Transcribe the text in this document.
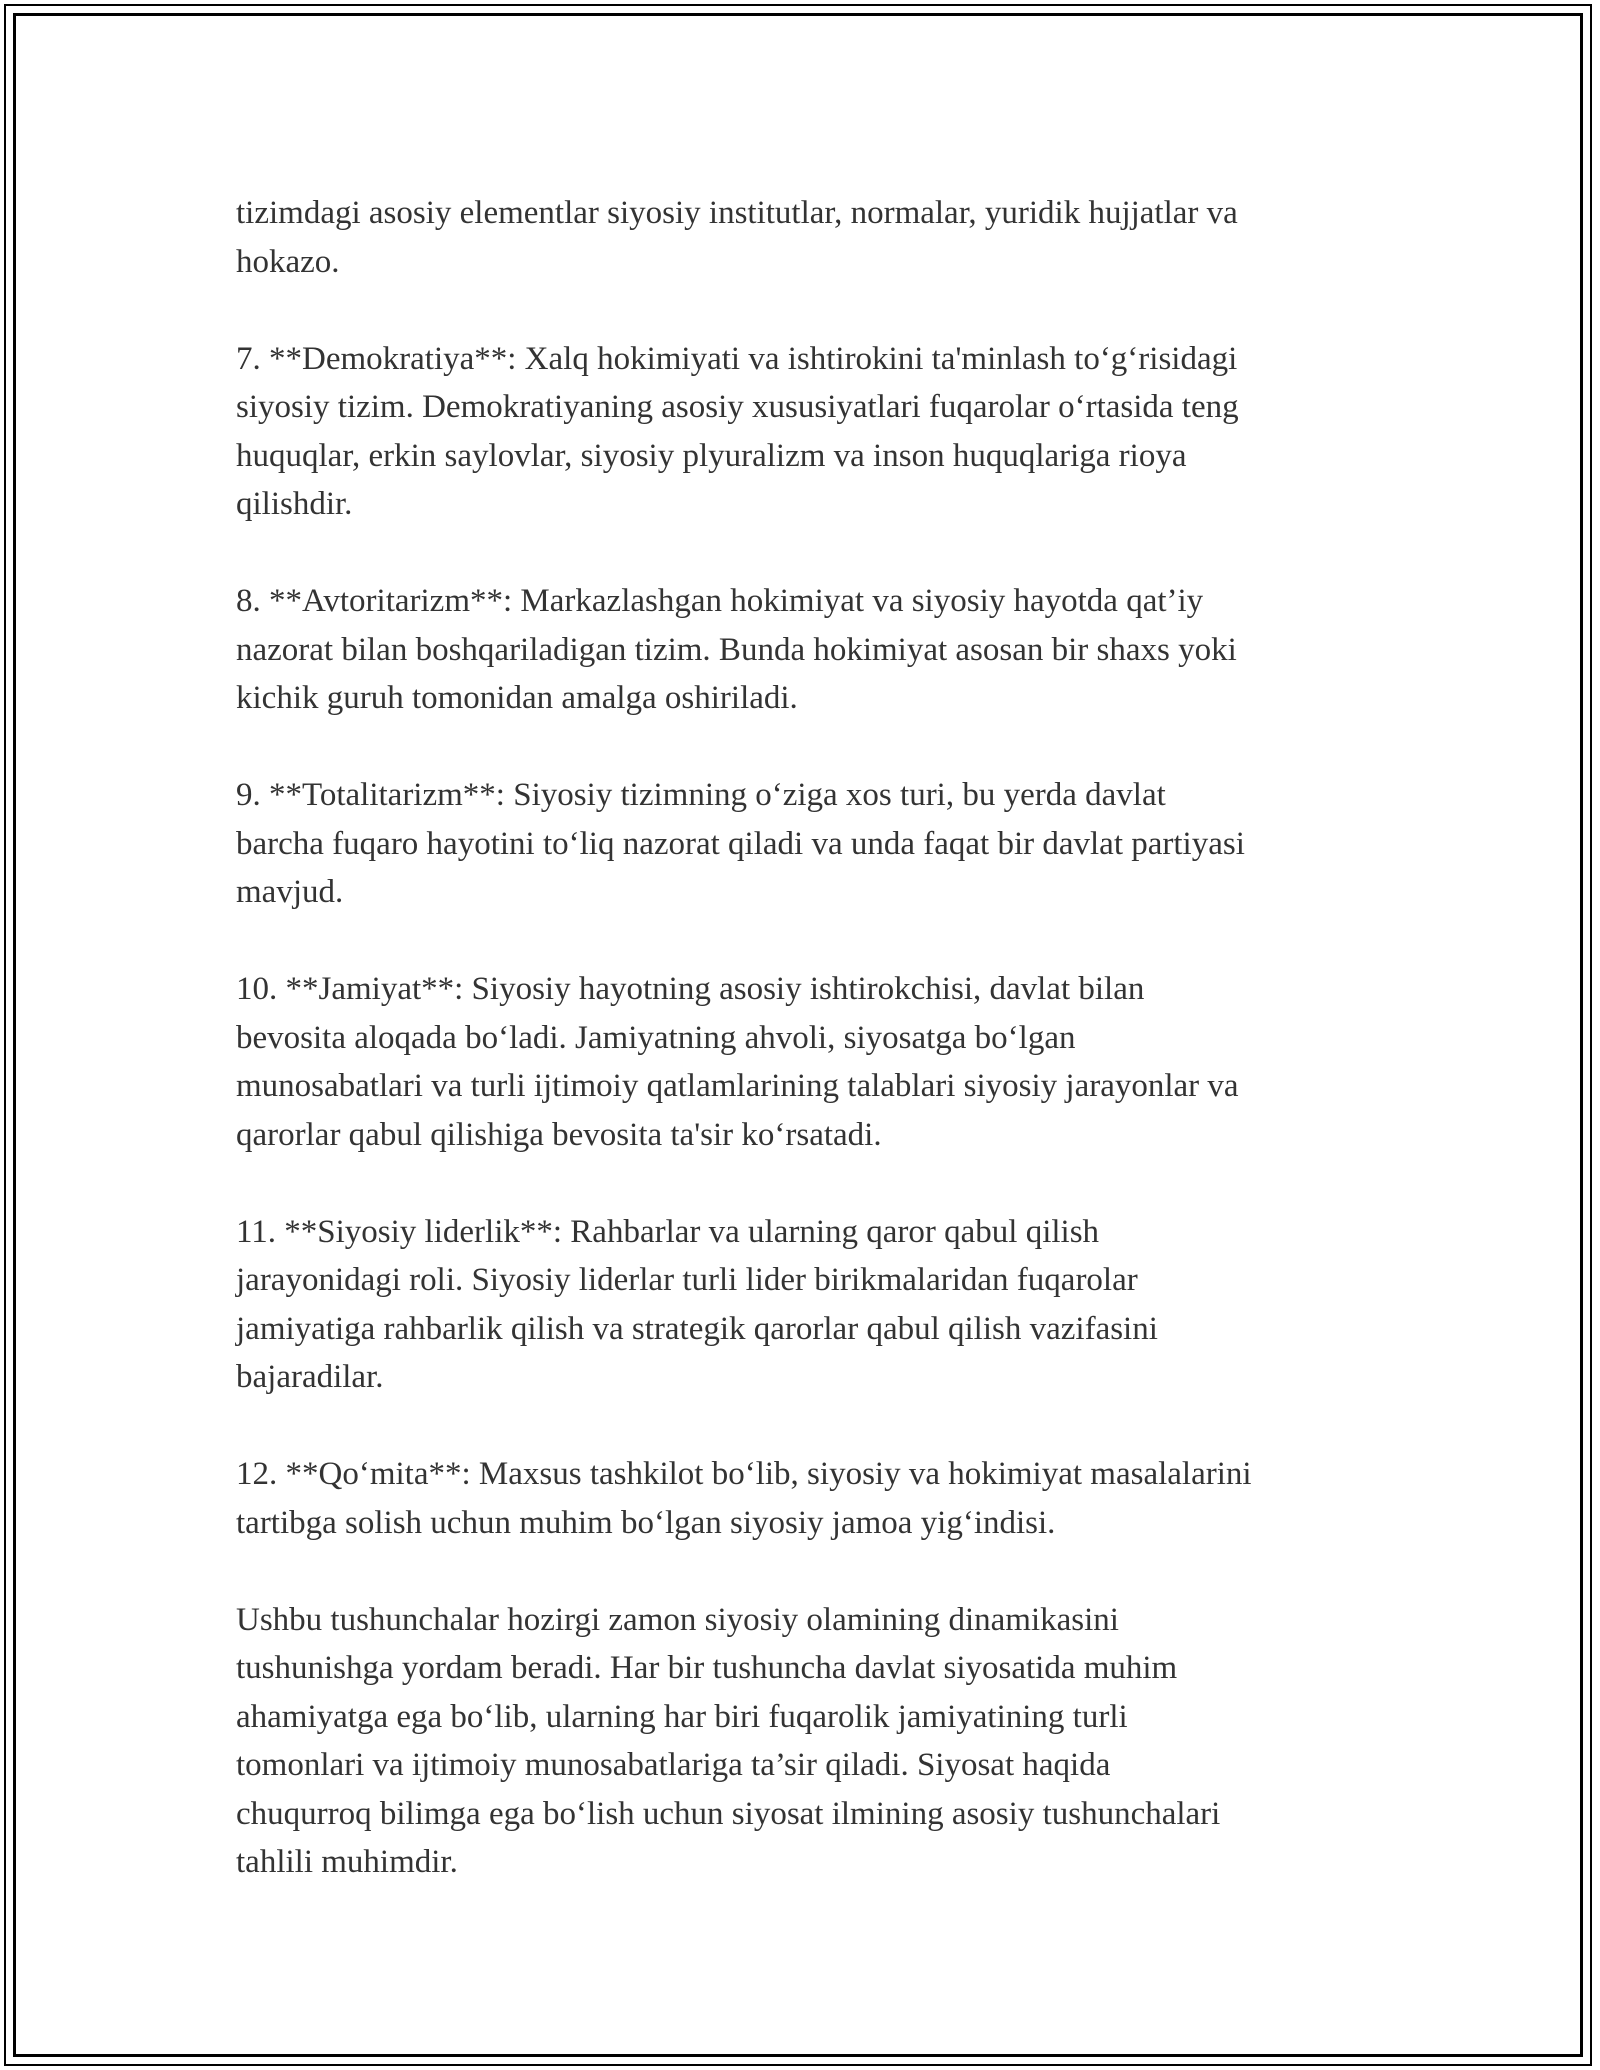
tizimdagi asosiy elementlar siyosiy institutlar, normalar, yuridik hujjatlar va
hokazo.

7. **Demokratiya**: Xalq hokimiyati va ishtirokini ta'minlash to‘g‘risidagi
siyosiy tizim. Demokratiyaning asosiy xususiyatlari fuqarolar o‘rtasida teng
huquqlar, erkin saylovlar, siyosiy plyuralizm va inson huquqlariga rioya
qilishdir.

8. **Avtoritarizm**: Markazlashgan hokimiyat va siyosiy hayotda qat’iy
nazorat bilan boshqariladigan tizim. Bunda hokimiyat asosan bir shaxs yoki
kichik guruh tomonidan amalga oshiriladi.

9. **Totalitarizm**: Siyosiy tizimning o‘ziga xos turi, bu yerda davlat
barcha fuqaro hayotini to‘liq nazorat qiladi va unda faqat bir davlat partiyasi
mavjud.

10. **Jamiyat**: Siyosiy hayotning asosiy ishtirokchisi, davlat bilan
bevosita aloqada bo‘ladi. Jamiyatning ahvoli, siyosatga bo‘lgan
munosabatlari va turli ijtimoiy qatlamlarining talablari siyosiy jarayonlar va
qarorlar qabul qilishiga bevosita ta'sir ko‘rsatadi.

11. **Siyosiy liderlik**: Rahbarlar va ularning qaror qabul qilish
jarayonidagi roli. Siyosiy liderlar turli lider birikmalaridan fuqarolar
jamiyatiga rahbarlik qilish va strategik qarorlar qabul qilish vazifasini
bajaradilar.

12. **Qo‘mita**: Maxsus tashkilot bo‘lib, siyosiy va hokimiyat masalalarini
tartibga solish uchun muhim bo‘lgan siyosiy jamoa yig‘indisi.

Ushbu tushunchalar hozirgi zamon siyosiy olamining dinamikasini
tushunishga yordam beradi. Har bir tushuncha davlat siyosatida muhim
ahamiyatga ega bo‘lib, ularning har biri fuqarolik jamiyatining turli
tomonlari va ijtimoiy munosabatlariga ta’sir qiladi. Siyosat haqida
chuqurroq bilimga ega bo‘lish uchun siyosat ilmining asosiy tushunchalari
tahlili muhimdir.
